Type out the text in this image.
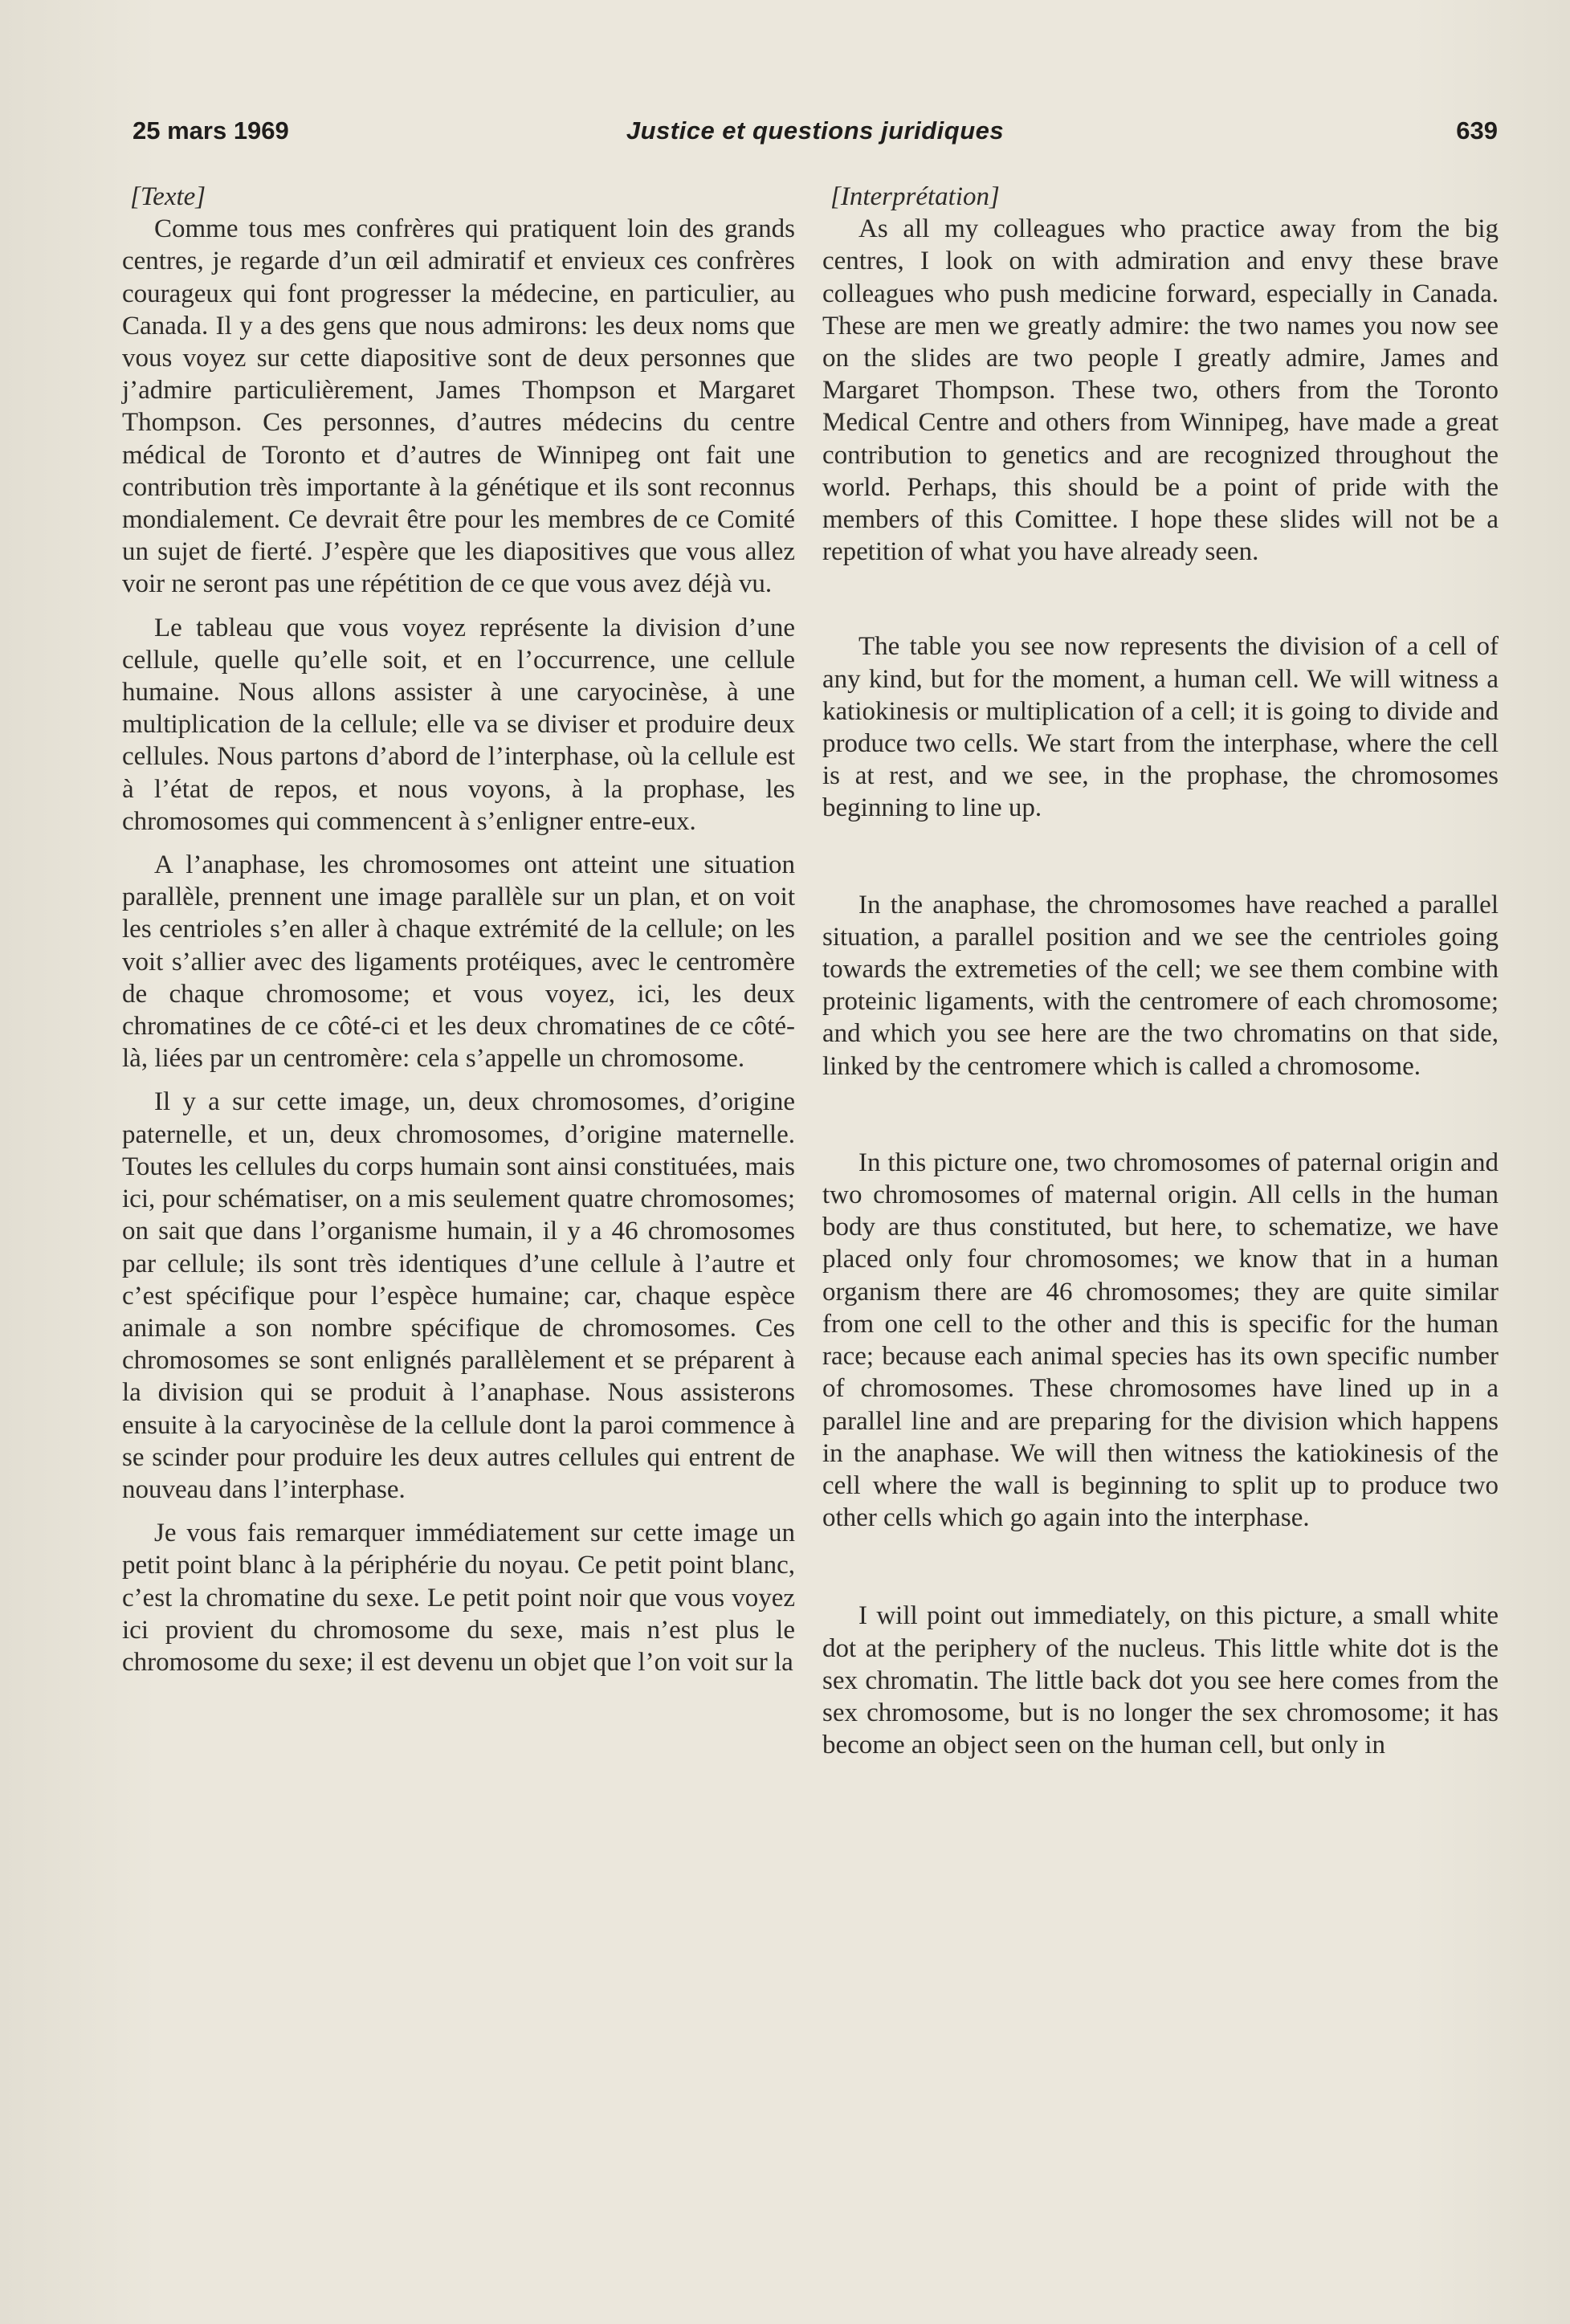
25 mars 1969	Justice et questions juridiques	639

[Texte]

Comme tous mes confrères qui pratiquent loin des grands centres, je regarde d’un œil admiratif et envieux ces confrères courageux qui font progresser la médecine, en particulier, au Canada. Il y a des gens que nous admirons: les deux noms que vous voyez sur cette diapositive sont de deux personnes que j’admire particulièrement, James Thompson et Margaret Thompson. Ces personnes, d’autres médecins du centre médical de Toronto et d’autres de Winnipeg ont fait une contribution très importante à la génétique et ils sont reconnus mondialement. Ce devrait être pour les membres de ce Comité un sujet de fierté. J’espère que les diapositives que vous allez voir ne seront pas une répétition de ce que vous avez déjà vu.

Le tableau que vous voyez représente la division d’une cellule, quelle qu’elle soit, et en l’occurrence, une cellule humaine. Nous allons assister à une caryocinèse, à une multiplication de la cellule; elle va se diviser et produire deux cellules. Nous partons d’abord de l’interphase, où la cellule est à l’état de repos, et nous voyons, à la prophase, les chromosomes qui commencent à s’enligner entre-eux.

A l’anaphase, les chromosomes ont atteint une situation parallèle, prennent une image parallèle sur un plan, et on voit les centrioles s’en aller à chaque extrémité de la cellule; on les voit s’allier avec des ligaments protéiques, avec le centromère de chaque chromosome; et vous voyez, ici, les deux chromatines de ce côté-ci et les deux chromatines de ce côté-là, liées par un centromère: cela s’appelle un chromosome.

Il y a sur cette image, un, deux chromosomes, d’origine paternelle, et un, deux chromosomes, d’origine maternelle. Toutes les cellules du corps humain sont ainsi constituées, mais ici, pour schématiser, on a mis seulement quatre chromosomes; on sait que dans l’organisme humain, il y a 46 chromosomes par cellule; ils sont très identiques d’une cellule à l’autre et c’est spécifique pour l’espèce humaine; car, chaque espèce animale a son nombre spécifique de chromosomes. Ces chromosomes se sont enlignés parallèlement et se préparent à la division qui se produit à l’anaphase. Nous assisterons ensuite à la caryocinèse de la cellule dont la paroi commence à se scinder pour produire les deux autres cellules qui entrent de nouveau dans l’interphase.

Je vous fais remarquer immédiatement sur cette image un petit point blanc à la périphérie du noyau. Ce petit point blanc, c’est la chromatine du sexe. Le petit point noir que vous voyez ici provient du chromosome du sexe, mais n’est plus le chromosome du sexe; il est devenu un objet que l’on voit sur la

[Interprétation]

As all my colleagues who practice away from the big centres, I look on with admiration and envy these brave colleagues who push medicine forward, especially in Canada. These are men we greatly admire: the two names you now see on the slides are two people I greatly admire, James and Margaret Thompson. These two, others from the Toronto Medical Centre and others from Winnipeg, have made a great contribution to genetics and are recognized throughout the world. Perhaps, this should be a point of pride with the members of this Comittee. I hope these slides will not be a repetition of what you have already seen.

The table you see now represents the division of a cell of any kind, but for the moment, a human cell. We will witness a katiokinesis or multiplication of a cell; it is going to divide and produce two cells. We start from the interphase, where the cell is at rest, and we see, in the prophase, the chromosomes beginning to line up.

In the anaphase, the chromosomes have reached a parallel situation, a parallel position and we see the centrioles going towards the extremeties of the cell; we see them combine with proteinic ligaments, with the centromere of each chromosome; and which you see here are the two chromatins on that side, linked by the centromere which is called a chromosome.

In this picture one, two chromosomes of paternal origin and two chromosomes of maternal origin. All cells in the human body are thus constituted, but here, to schematize, we have placed only four chromosomes; we know that in a human organism there are 46 chromosomes; they are quite similar from one cell to the other and this is specific for the human race; because each animal species has its own specific number of chromosomes. These chromosomes have lined up in a parallel line and are preparing for the division which happens in the anaphase. We will then witness the katiokinesis of the cell where the wall is beginning to split up to produce two other cells which go again into the interphase.

I will point out immediately, on this picture, a small white dot at the periphery of the nucleus. This little white dot is the sex chromatin. The little back dot you see here comes from the sex chromosome, but is no longer the sex chromosome; it has become an object seen on the human cell, but only in
